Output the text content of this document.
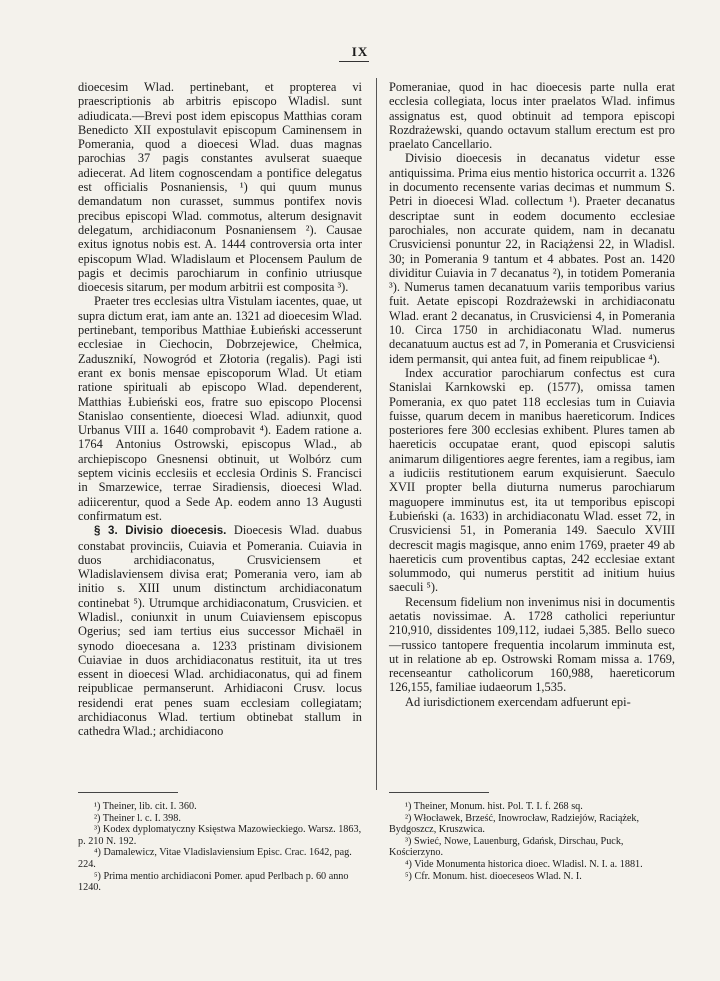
IX

dioecesim Wlad. pertinebant, et propterea vi praescriptionis ab arbitris episcopo Wladisl. sunt adiudicata.—Brevi post idem episcopus Matthias coram Benedicto XII expostulavit episcopum Caminensem in Pomerania, quod a dioecesi Wlad. duas magnas parochias 37 pagis constantes avulserat suaeque adiecerat. Ad litem cognoscendam a pontifice delegatus est officialis Posnaniensis, ¹) qui quum munus demandatum non curasset, summus pontifex novis precibus episcopi Wlad. commotus, alterum designavit delegatum, archidiaconum Posnaniensem ²). Causae exitus ignotus nobis est. A. 1444 controversia orta inter episcopum Wlad. Wladislaum et Plocensem Paulum de pagis et decimis parochiarum in confinio utriusque dioecesis sitarum, per modum arbitrii est composita ³).

Praeter tres ecclesias ultra Vistulam iacentes, quae, ut supra dictum erat, iam ante an. 1321 ad dioecesim Wlad. pertinebant, temporibus Matthiae Łubieński accesserunt ecclesiae in Ciechocin, Dobrzejewice, Chełmica, Zadusznikí, Nowogród et Złotoria (regalis). Pagi isti erant ex bonis mensae episcoporum Wlad. Ut etiam ratione spirituali ab episcopo Wlad. dependerent, Matthias Łubieński eos, fratre suo episcopo Plocensi Stanislao consentiente, dioecesi Wlad. adiunxit, quod Urbanus VIII a. 1640 comprobavit ⁴). Eadem ratione a. 1764 Antonius Ostrowski, episcopus Wlad., ab archiepiscopo Gnesnensi obtinuit, ut Wolbórz cum septem vicinis ecclesiis et ecclesia Ordinis S. Francisci in Smarzewice, terrae Siradiensis, dioecesi Wlad. adiicerentur, quod a Sede Ap. eodem anno 13 Augusti confirmatum est.

§ 3. Divisio dioecesis. Dioecesis Wlad. duabus constabat provinciis, Cuiavia et Pomerania. Cuiavia in duos archidiaconatus, Crusviciensem et Wladislaviensem divisa erat; Pomerania vero, iam ab initio s. XIII unum distinctum archidiaconatum continebat ⁵). Utrumque archidiaconatum, Crusvicien. et Wladisl., coniunxit in unum Cuiaviensem episcopus Ogerius; sed iam tertius eius successor Michaël in synodo dioecesana a. 1233 pristinam divisionem Cuiaviae in duos archidiaconatus restituit, ita ut tres essent in dioecesi Wlad. archidiaconatus, qui ad finem reipublicae permanserunt. Arhidiaconi Crusv. locus residendi erat penes suam ecclesiam collegiatam; archidiaconus Wlad. tertium obtinebat stallum in cathedra Wlad.; archidiacono

Pomeraniae, quod in hac dioecesis parte nulla erat ecclesia collegiata, locus inter praelatos Wlad. infimus assignatus est, quod obtinuit ad tempora episcopi Rozdrażewski, quando octavum stallum erectum est pro praelato Cancellario.

Divisio dioecesis in decanatus videtur esse antiquissima. Prima eius mentio historica occurrit a. 1326 in documento recensente varias decimas et nummum S. Petri in dioecesi Wlad. collectum ¹). Praeter decanatus descriptae sunt in eodem documento ecclesiae parochiales, non accurate quidem, nam in decanatu Crusviciensi ponuntur 22, in Raciążensi 22, in Wladisl. 30; in Pomerania 9 tantum et 4 abbates. Post an. 1420 dividitur Cuiavia in 7 decanatus ²), in totidem Pomerania ³). Numerus tamen decanatuum variis temporibus varius fuit. Aetate episcopi Rozdrażewski in archidiaconatu Wlad. erant 2 decanatus, in Crusviciensi 4, in Pomerania 10. Circa 1750 in archidiaconatu Wlad. numerus decanatuum auctus est ad 7, in Pomerania et Crusviciensi idem permansit, qui antea fuit, ad finem reipublicae ⁴).

Index accuratior parochiarum confectus est cura Stanislai Karnkowski ep. (1577), omissa tamen Pomerania, ex quo patet 118 ecclesias tum in Cuiavia fuisse, quarum decem in manibus haereticorum. Indices posteriores fere 300 ecclesias exhibent. Plures tamen ab haereticis occupatae erant, quod episcopi salutis animarum diligentiores aegre ferentes, iam a regibus, iam a iudiciis restitutionem earum exquisierunt. Saeculo XVII propter bella diuturna numerus parochiarum maguopere imminutus est, ita ut temporibus episcopi Łubieński (a. 1633) in archidiaconatu Wlad. esset 72, in Crusviciensi 51, in Pomerania 149. Saeculo XVIII decrescit magis magisque, anno enim 1769, praeter 49 ab haereticis cum proventibus captas, 242 ecclesiae extant solummodo, qui numerus perstitit ad initium huius saeculi ⁵).

Recensum fidelium non invenimus nisi in documentis aetatis novissimae. A. 1728 catholici reperiuntur 210,910, dissidentes 109,112, iudaei 5,385. Bello sueco—russico tantopere frequentia incolarum imminuta est, ut in relatione ab ep. Ostrowski Romam missa a. 1769, recenseantur catholicorum 160,988, haereticorum 126,155, familiae iudaeorum 1,535.

Ad iurisdictionem exercendam adfuerunt epi-

¹) Theiner, lib. cit. I. 360.

²) Theiner l. c. I. 398.

³) Kodex dyplomatyczny Księstwa Mazowieckiego. Warsz. 1863, p. 210 N. 192.

⁴) Damalewicz, Vitae Vladislaviensium Episc. Crac. 1642, pag. 224.

⁵) Prima mentio archidiaconi Pomer. apud Perlbach p. 60 anno 1240.

¹) Theiner, Monum. hist. Pol. T. I. f. 268 sq.

²) Włocławek, Brześć, Inowrocław, Radziejów, Raciążek, Bydgoszcz, Kruszwica.

³) Swieć, Nowe, Lauenburg, Gdańsk, Dirschau, Puck, Kościerzyno.

⁴) Vide Monumenta historica dioec. Wladisl. N. I. a. 1881.

⁵) Cfr. Monum. hist. dioeceseos Wlad. N. I.
